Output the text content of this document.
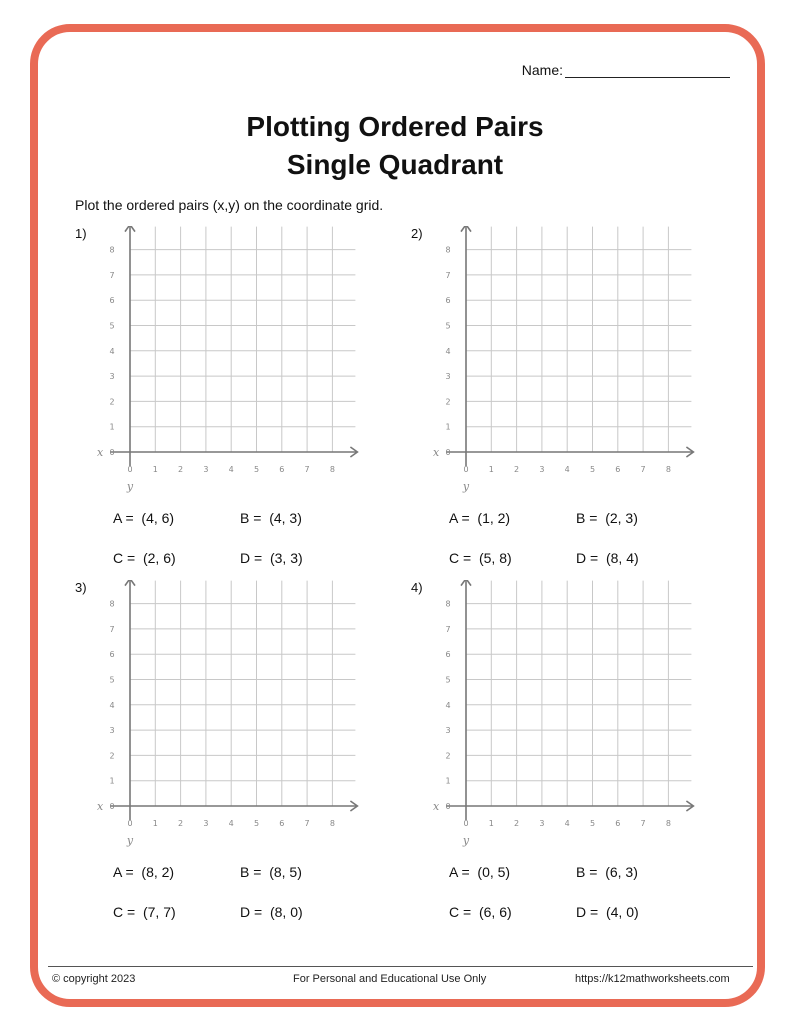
Name:
Plotting Ordered Pairs
Single Quadrant
Plot the ordered pairs (x,y) on the coordinate grid.
1)
0	1	2	3	4	5	6	7	8
0
1
2
3
4
5
6
7
8
x
y
A = (4, 6)	B = (4, 3)
C = (2, 6)	D = (3, 3)
2)
0	1	2	3	4	5	6	7	8
0
1
2
3
4
5
6
7
8
x
y
A = (1, 2)	B = (2, 3)
C = (5, 8)	D = (8, 4)
3)
0	1	2	3	4	5	6	7	8
0
1
2
3
4
5
6
7
8
x
y
A = (8, 2)	B = (8, 5)
C = (7, 7)	D = (8, 0)
4)
0	1	2	3	4	5	6	7	8
0
1
2
3
4
5
6
7
8
x
y
A = (0, 5)	B = (6, 3)
C = (6, 6)	D = (4, 0)
© copyright 2023	For Personal and Educational Use Only	https://k12mathworksheets.com
